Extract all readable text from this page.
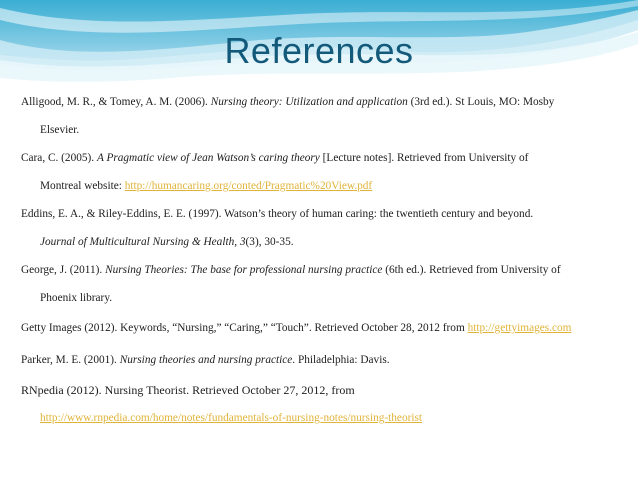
References
Alligood, M. R., & Tomey, A. M. (2006). Nursing theory: Utilization and application (3rd ed.). St Louis, MO: Mosby
Elsevier.
Cara, C. (2005). A Pragmatic view of Jean Watson’s caring theory [Lecture notes]. Retrieved from University of
Montreal website: http://humancaring.org/conted/Pragmatic%20View.pdf
Eddins, E. A., & Riley-Eddins, E. E. (1997). Watson’s theory of human caring: the twentieth century and beyond.
Journal of Multicultural Nursing & Health, 3(3), 30-35.
George, J. (2011). Nursing Theories: The base for professional nursing practice (6th ed.). Retrieved from University of
Phoenix library.
Getty Images (2012). Keywords, “Nursing,” “Caring,” “Touch”. Retrieved October 28, 2012 from http://gettyimages.com
Parker, M. E. (2001). Nursing theories and nursing practice. Philadelphia: Davis.
RNpedia (2012). Nursing Theorist. Retrieved October 27, 2012, from
http://www.rnpedia.com/home/notes/fundamentals-of-nursing-notes/nursing-theorist
